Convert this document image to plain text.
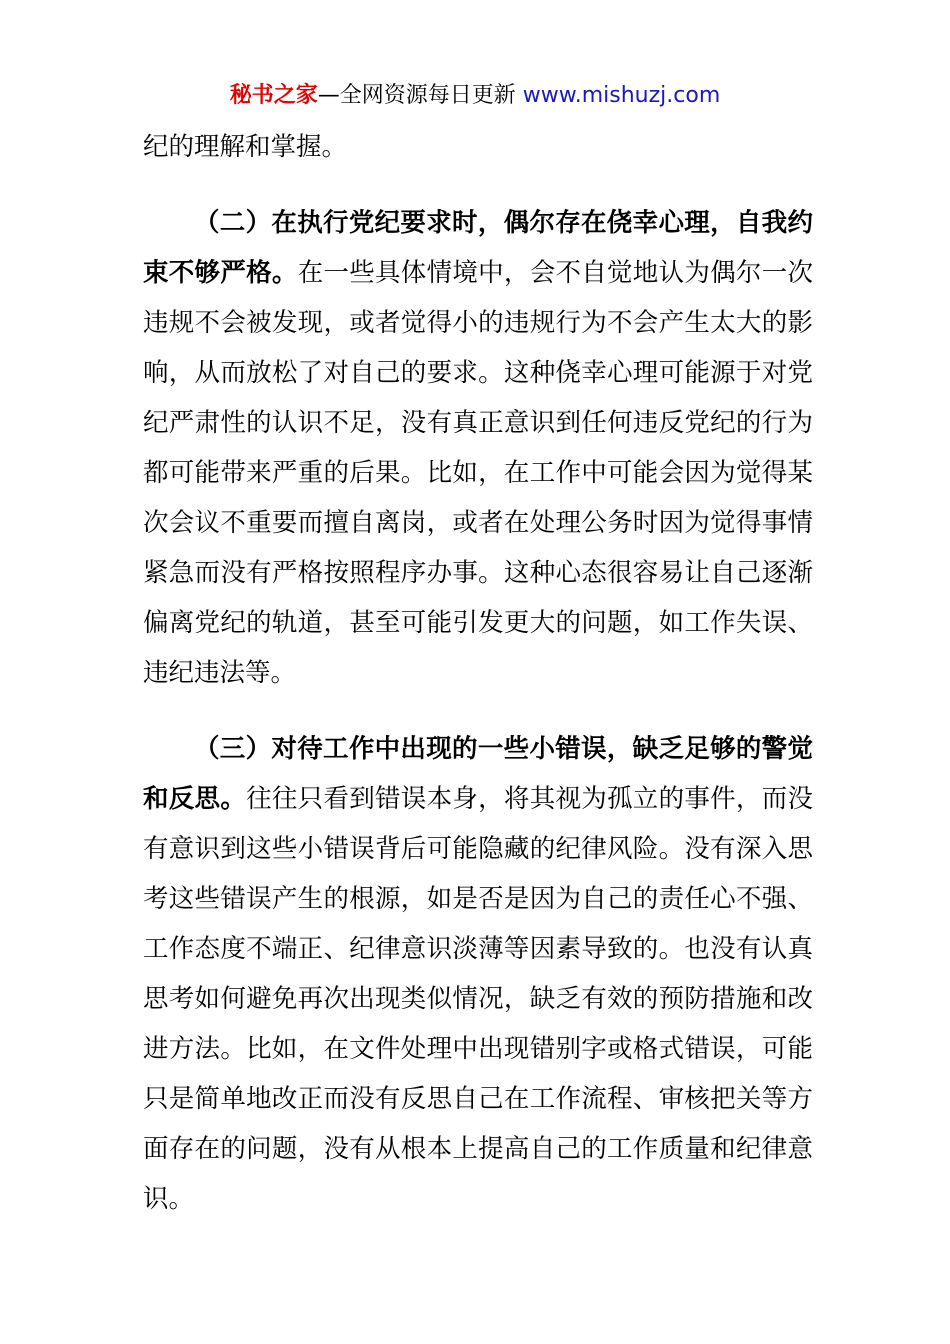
秘书之家—全网资源每日更新 www.mishuzj.com

纪的理解和掌握。

（二）在执行党纪要求时，偶尔存在侥幸心理，自我约束不够严格。在一些具体情境中，会不自觉地认为偶尔一次违规不会被发现，或者觉得小的违规行为不会产生太大的影响，从而放松了对自己的要求。这种侥幸心理可能源于对党纪严肃性的认识不足，没有真正意识到任何违反党纪的行为都可能带来严重的后果。比如，在工作中可能会因为觉得某次会议不重要而擅自离岗，或者在处理公务时因为觉得事情紧急而没有严格按照程序办事。这种心态很容易让自己逐渐偏离党纪的轨道，甚至可能引发更大的问题，如工作失误、违纪违法等。

（三）对待工作中出现的一些小错误，缺乏足够的警觉和反思。往往只看到错误本身，将其视为孤立的事件，而没有意识到这些小错误背后可能隐藏的纪律风险。没有深入思考这些错误产生的根源，如是否是因为自己的责任心不强、工作态度不端正、纪律意识淡薄等因素导致的。也没有认真思考如何避免再次出现类似情况，缺乏有效的预防措施和改进方法。比如，在文件处理中出现错别字或格式错误，可能只是简单地改正而没有反思自己在工作流程、审核把关等方面存在的问题，没有从根本上提高自己的工作质量和纪律意识。
